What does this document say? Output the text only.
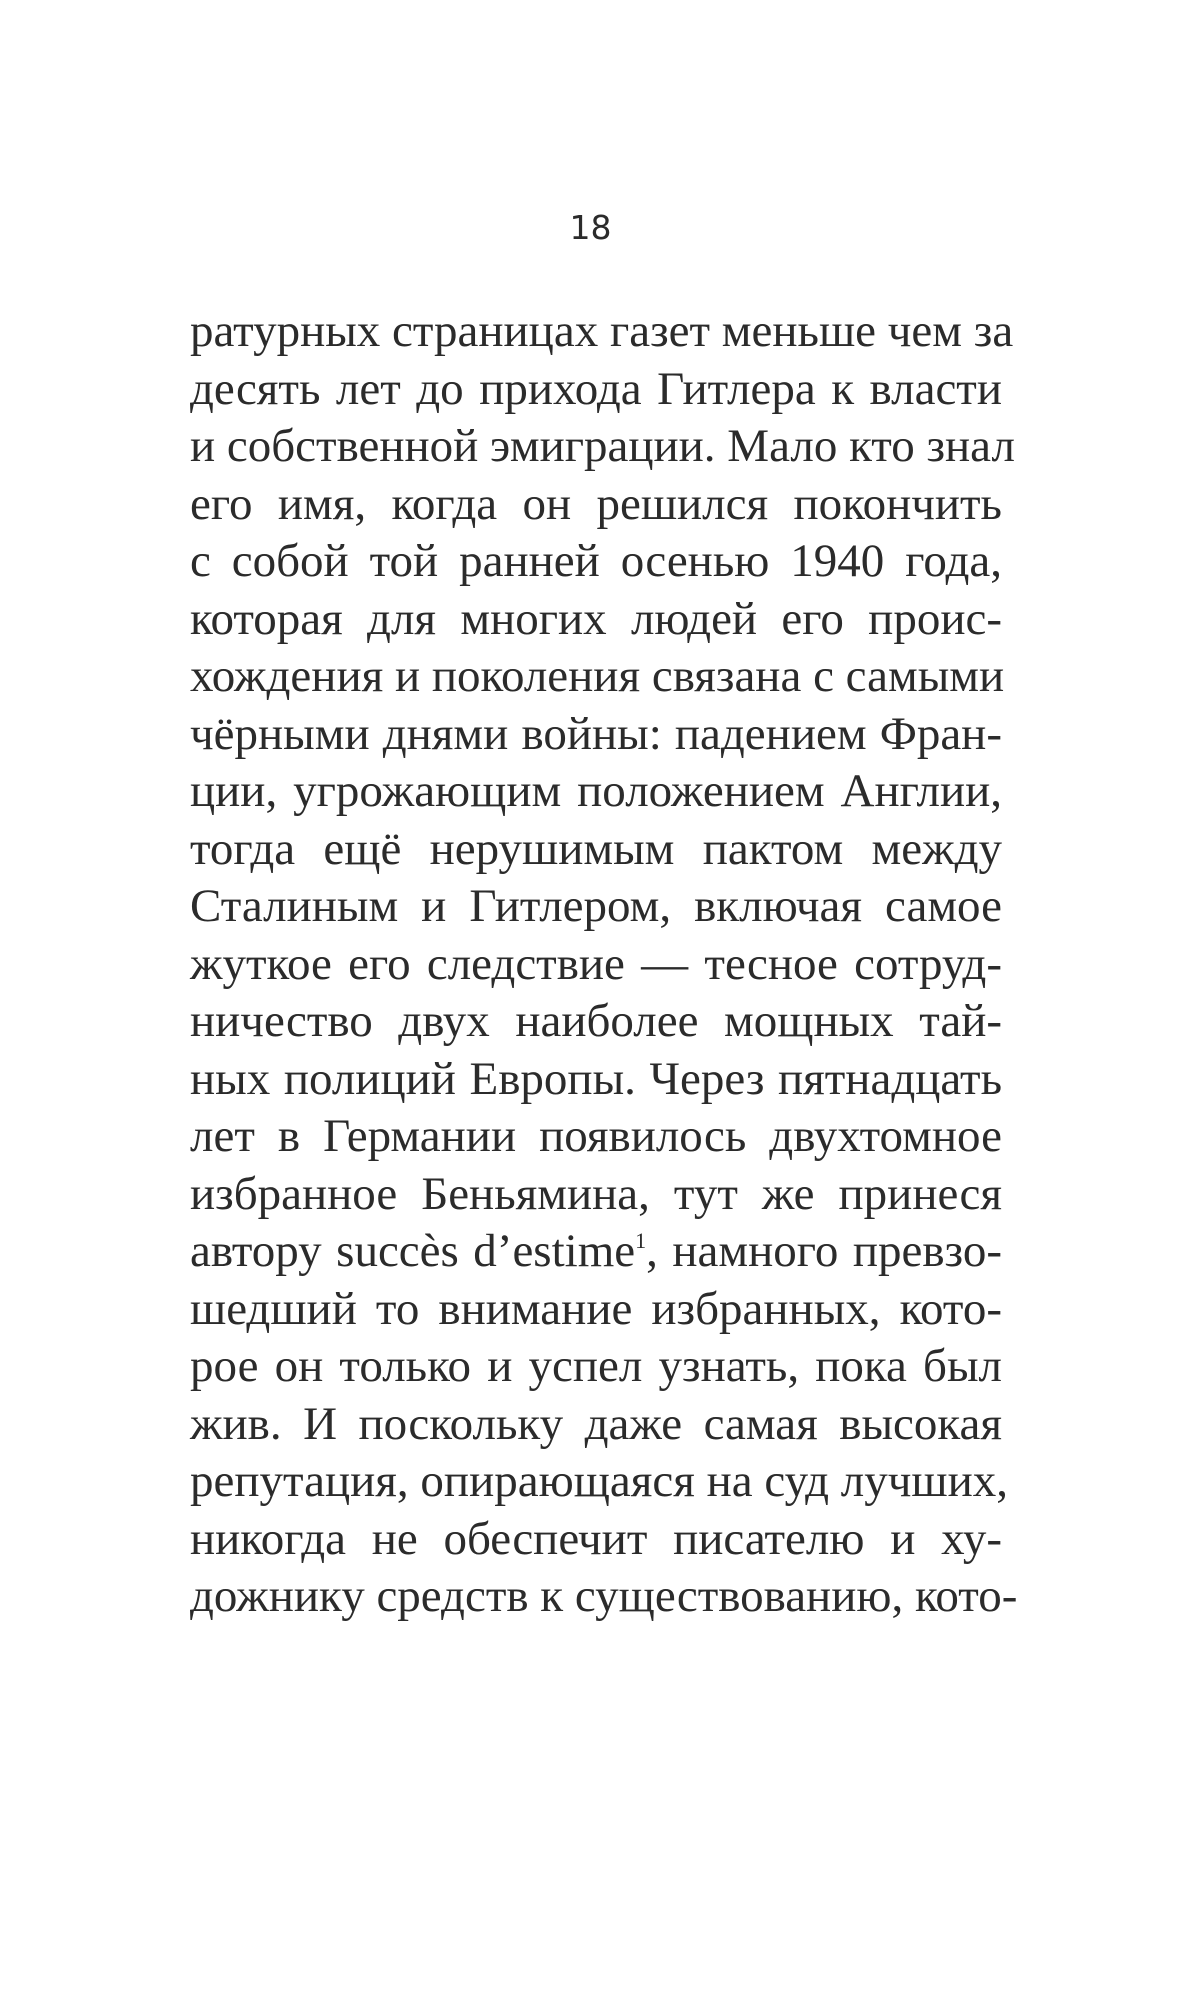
18
ратурных страницах газет меньше чем за
десять лет до прихода Гитлера к власти
и собственной эмиграции. Мало кто знал
его имя, когда он решился покончить
с собой той ранней осенью 1940 года,
которая для многих людей его проис-
хождения и поколения связана с самыми
чёрными днями войны: падением Фран-
ции, угрожающим положением Англии,
тогда ещё нерушимым пактом между
Сталиным и Гитлером, включая самое
жуткое его следствие — тесное сотруд-
ничество двух наиболее мощных тай-
ных полиций Европы. Через пятнадцать
лет в Германии появилось двухтомное
избранное Беньямина, тут же принеся
автору succès d’estime$^1$, намного превзо-
шедший то внимание избранных, кото-
рое он только и успел узнать, пока был
жив. И поскольку даже самая высокая
репутация, опирающаяся на суд лучших,
никогда не обеспечит писателю и ху-
дожнику средств к существованию, кото-
